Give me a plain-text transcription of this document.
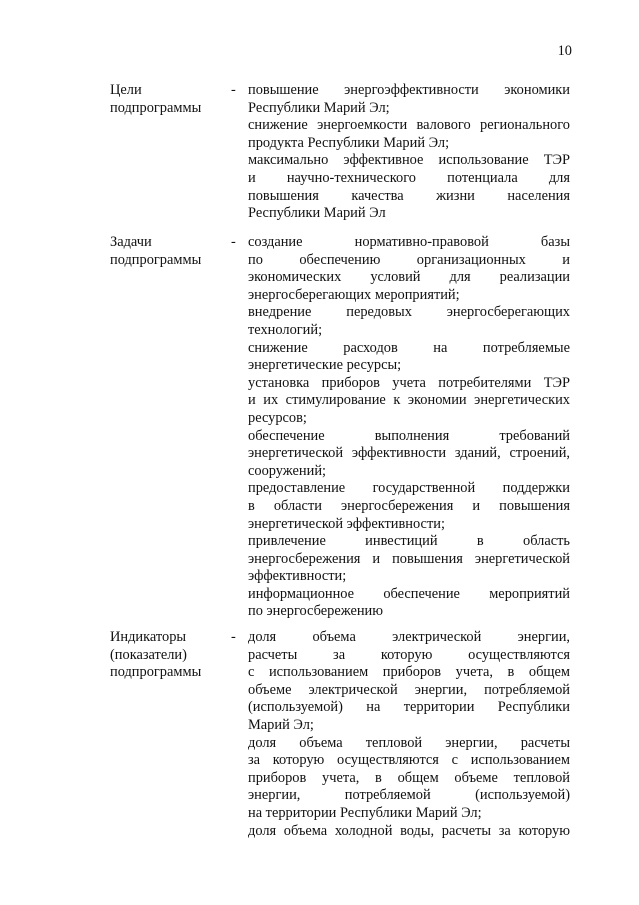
10
Цели
подпрограммы
- повышение энергоэффективности экономики
Республики Марий Эл;
снижение энергоемкости валового регионального
продукта Республики Марий Эл;
максимально эффективное использование ТЭР
и научно-технического потенциала для
повышения качества жизни населения
Республики Марий Эл
Задачи
подпрограммы
- создание нормативно-правовой базы
по обеспечению организационных и
экономических условий для реализации
энергосберегающих мероприятий;
внедрение передовых энергосберегающих
технологий;
снижение расходов на потребляемые
энергетические ресурсы;
установка приборов учета потребителями ТЭР
и их стимулирование к экономии энергетических
ресурсов;
обеспечение выполнения требований
энергетической эффективности зданий, строений,
сооружений;
предоставление государственной поддержки
в области энергосбережения и повышения
энергетической эффективности;
привлечение инвестиций в область
энергосбережения и повышения энергетической
эффективности;
информационное обеспечение мероприятий
по энергосбережению
Индикаторы
(показатели)
подпрограммы
- доля объема электрической энергии,
расчеты за которую осуществляются
с использованием приборов учета, в общем
объеме электрической энергии, потребляемой
(используемой) на территории Республики
Марий Эл;
доля объема тепловой энергии, расчеты
за которую осуществляются с использованием
приборов учета, в общем объеме тепловой
энергии, потребляемой (используемой)
на территории Республики Марий Эл;
доля объема холодной воды, расчеты за которую
